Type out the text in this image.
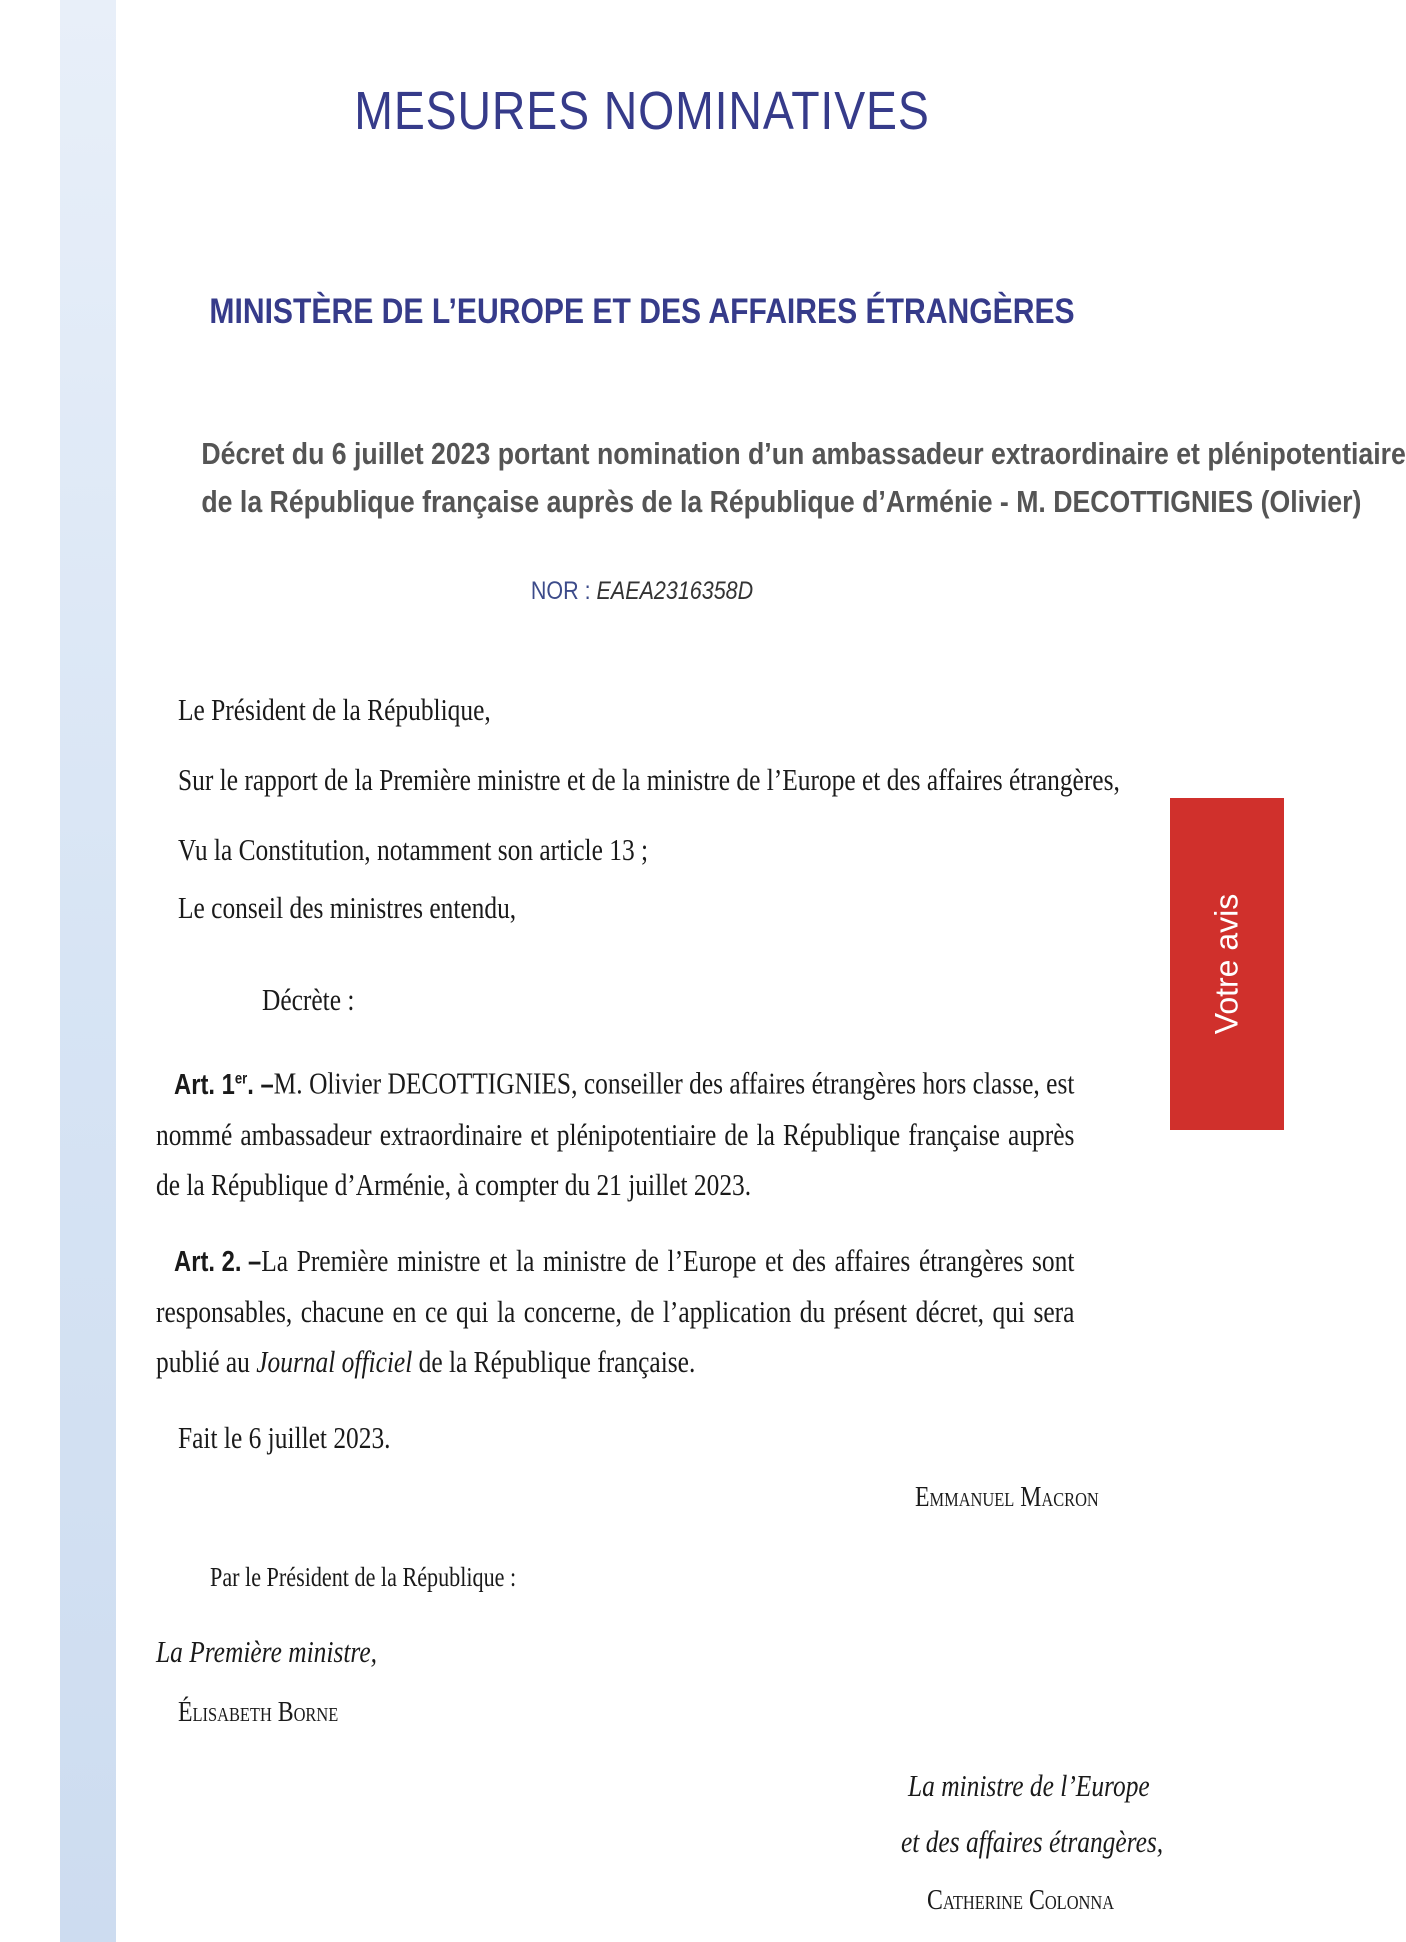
MESURES NOMINATIVES
MINISTÈRE DE L’EUROPE ET DES AFFAIRES ÉTRANGÈRES
Décret du 6 juillet 2023 portant nomination d’un ambassadeur extraordinaire et plénipotentiaire
de la République française auprès de la République d’Arménie - M. DECOTTIGNIES (Olivier)
NOR : EAEA2316358D
Le Président de la République,
Sur le rapport de la Première ministre et de la ministre de l’Europe et des affaires étrangères,
Vu la Constitution, notamment son article 13 ;
Le conseil des ministres entendu,
Décrète :
Art. 1er. –M. Olivier DECOTTIGNIES, conseiller des affaires étrangères hors classe, est nommé ambassadeur extraordinaire et plénipotentiaire de la République française auprès de la République d’Arménie, à compter du 21 juillet 2023.
Art. 2. –La Première ministre et la ministre de l’Europe et des affaires étrangères sont responsables, chacune en ce qui la concerne, de l’application du présent décret, qui sera publié au Journal officiel de la République française.
Fait le 6 juillet 2023.
Emmanuel Macron
Par le Président de la République :
La Première ministre,
Élisabeth Borne
La ministre de l’Europe
et des affaires étrangères,
Catherine Colonna
Votre avis
